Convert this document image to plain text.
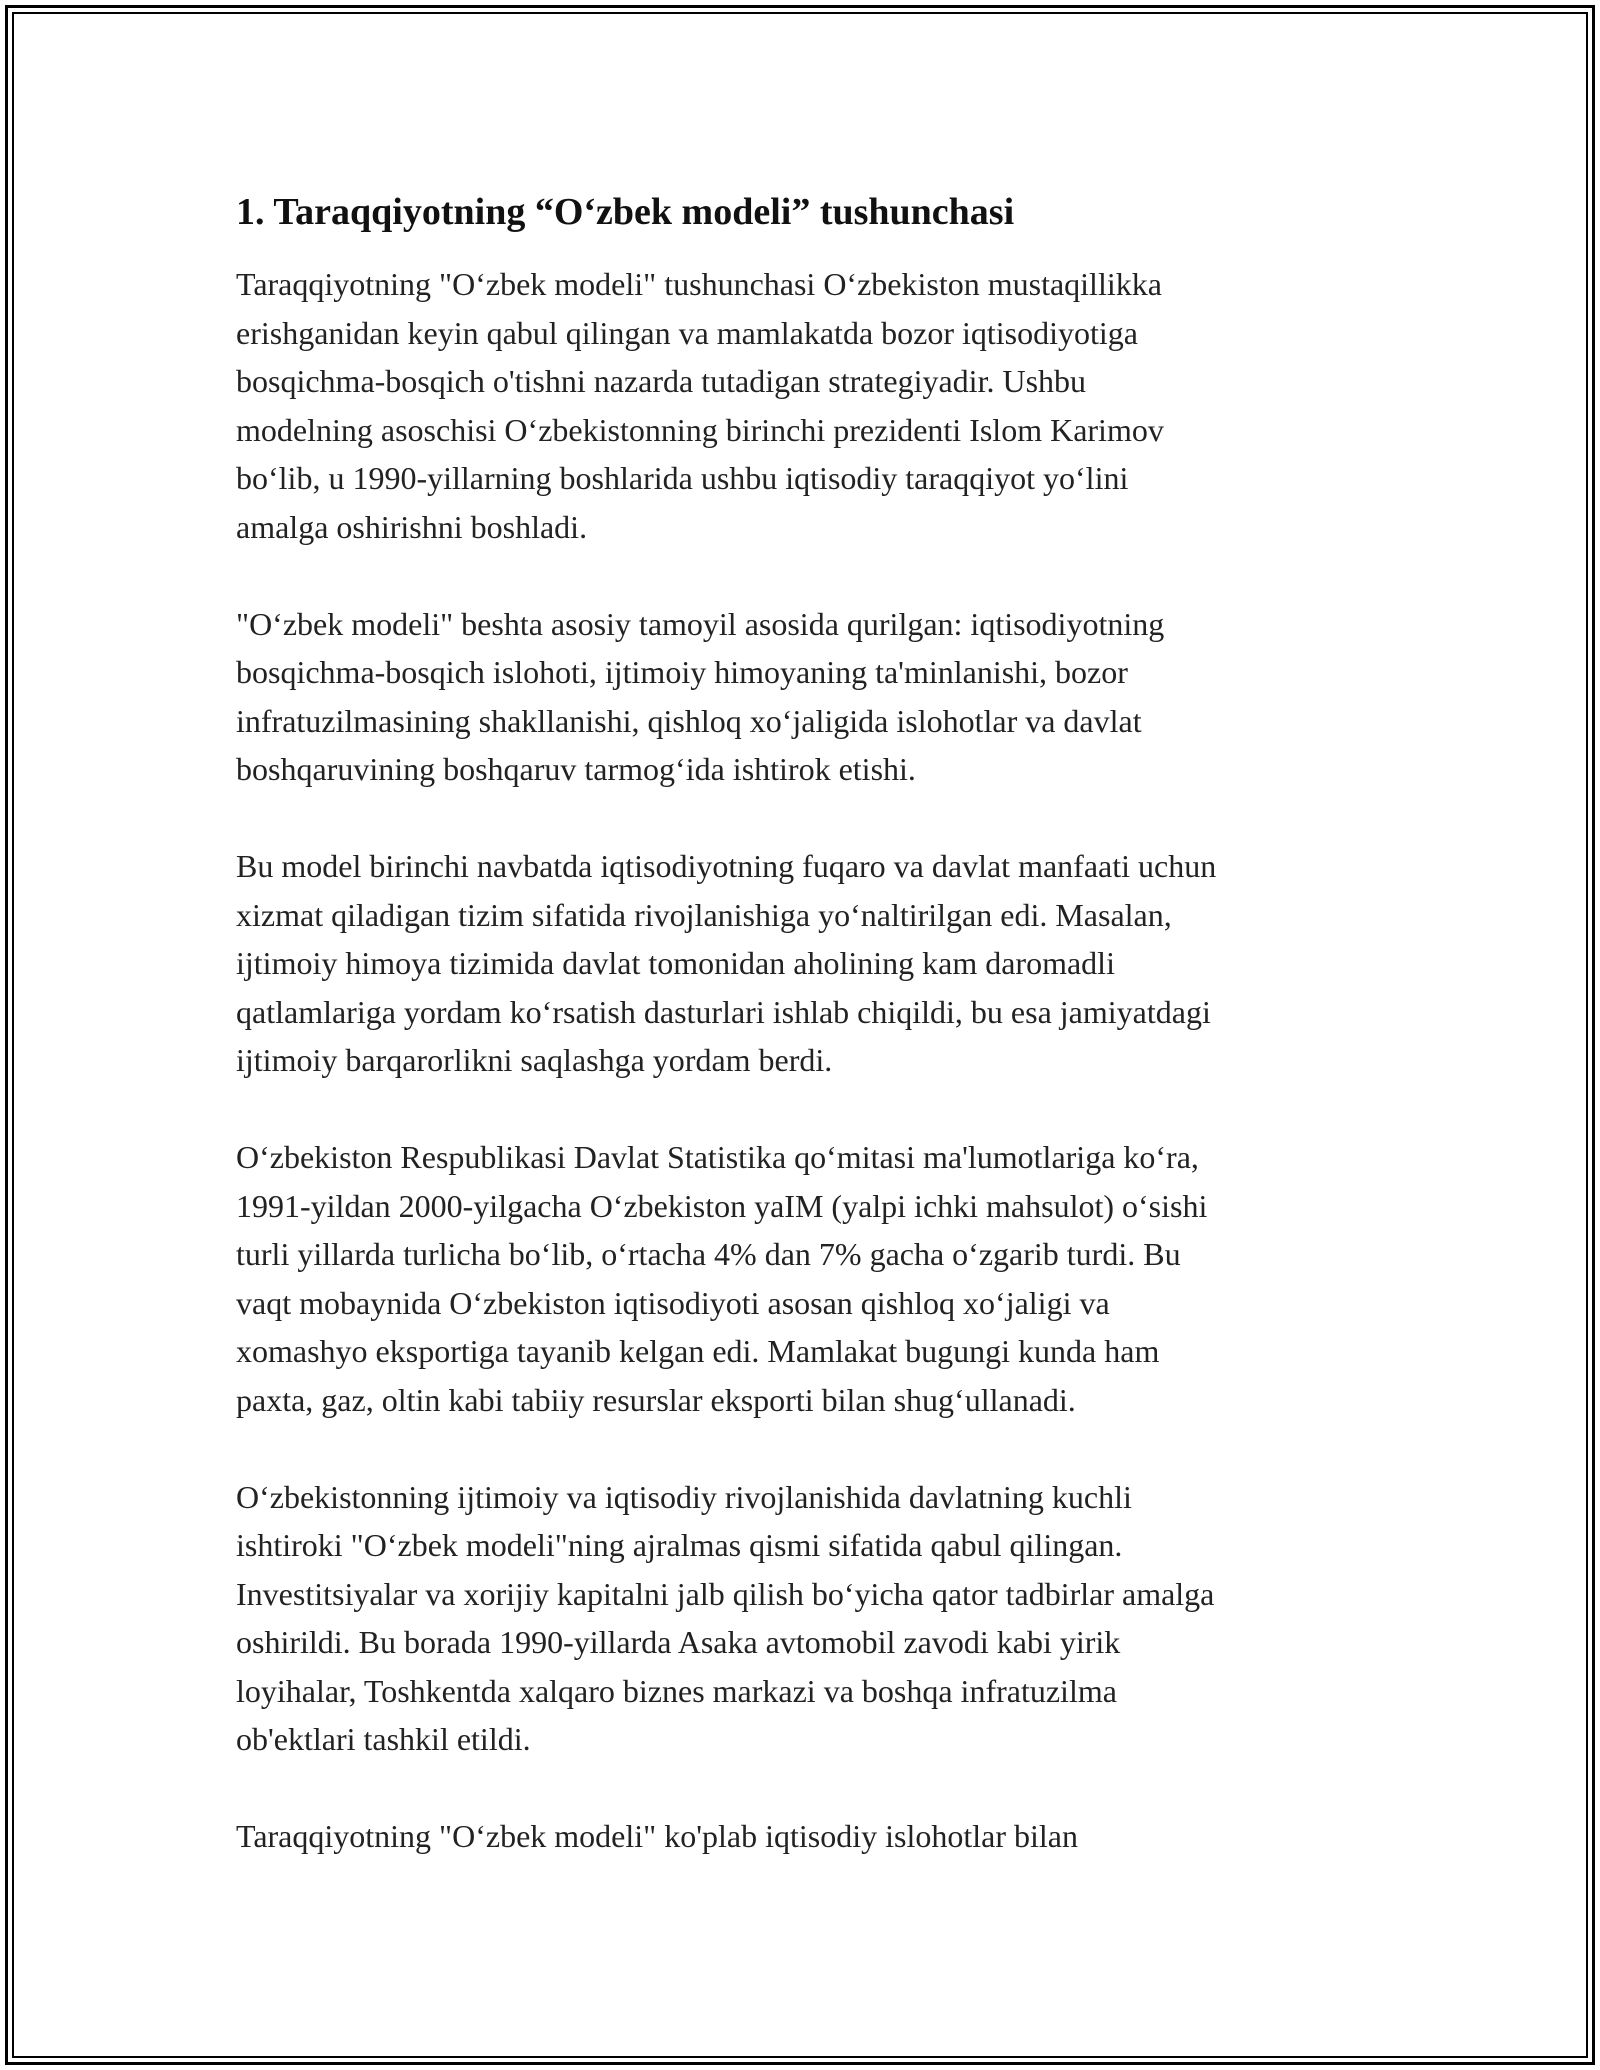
1. Taraqqiyotning “O‘zbek modeli” tushunchasi

Taraqqiyotning "O‘zbek modeli" tushunchasi O‘zbekiston mustaqillikka
erishganidan keyin qabul qilingan va mamlakatda bozor iqtisodiyotiga
bosqichma-bosqich o'tishni nazarda tutadigan strategiyadir. Ushbu
modelning asoschisi O‘zbekistonning birinchi prezidenti Islom Karimov
bo‘lib, u 1990-yillarning boshlarida ushbu iqtisodiy taraqqiyot yo‘lini
amalga oshirishni boshladi.

"O‘zbek modeli" beshta asosiy tamoyil asosida qurilgan: iqtisodiyotning
bosqichma-bosqich islohoti, ijtimoiy himoyaning ta'minlanishi, bozor
infratuzilmasining shakllanishi, qishloq xo‘jaligida islohotlar va davlat
boshqaruvining boshqaruv tarmog‘ida ishtirok etishi.

Bu model birinchi navbatda iqtisodiyotning fuqaro va davlat manfaati uchun
xizmat qiladigan tizim sifatida rivojlanishiga yo‘naltirilgan edi. Masalan,
ijtimoiy himoya tizimida davlat tomonidan aholining kam daromadli
qatlamlariga yordam ko‘rsatish dasturlari ishlab chiqildi, bu esa jamiyatdagi
ijtimoiy barqarorlikni saqlashga yordam berdi.

O‘zbekiston Respublikasi Davlat Statistika qo‘mitasi ma'lumotlariga ko‘ra,
1991-yildan 2000-yilgacha O‘zbekiston yaIM (yalpi ichki mahsulot) o‘sishi
turli yillarda turlicha bo‘lib, o‘rtacha 4% dan 7% gacha o‘zgarib turdi. Bu
vaqt mobaynida O‘zbekiston iqtisodiyoti asosan qishloq xo‘jaligi va
xomashyo eksportiga tayanib kelgan edi. Mamlakat bugungi kunda ham
paxta, gaz, oltin kabi tabiiy resurslar eksporti bilan shug‘ullanadi.

O‘zbekistonning ijtimoiy va iqtisodiy rivojlanishida davlatning kuchli
ishtiroki "O‘zbek modeli"ning ajralmas qismi sifatida qabul qilingan.
Investitsiyalar va xorijiy kapitalni jalb qilish bo‘yicha qator tadbirlar amalga
oshirildi. Bu borada 1990-yillarda Asaka avtomobil zavodi kabi yirik
loyihalar, Toshkentda xalqaro biznes markazi va boshqa infratuzilma
ob'ektlari tashkil etildi.

Taraqqiyotning "O‘zbek modeli" ko'plab iqtisodiy islohotlar bilan
